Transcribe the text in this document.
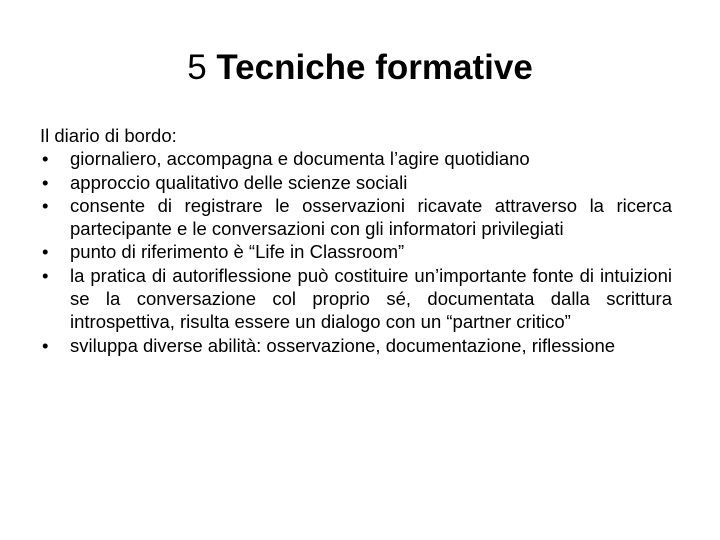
5 Tecniche formative

Il diario di bordo:

• giornaliero, accompagna e documenta l’agire quotidiano
• approccio qualitativo delle scienze sociali
• consente di registrare le osservazioni ricavate attraverso la ricerca partecipante e le conversazioni con gli informatori privilegiati
• punto di riferimento è “Life in Classroom”
• la pratica di autoriflessione può costituire un’importante fonte di intuizioni se la conversazione col proprio sé, documentata dalla scrittura introspettiva, risulta essere un dialogo con un “partner critico”
• sviluppa diverse abilità: osservazione, documentazione, riflessione
